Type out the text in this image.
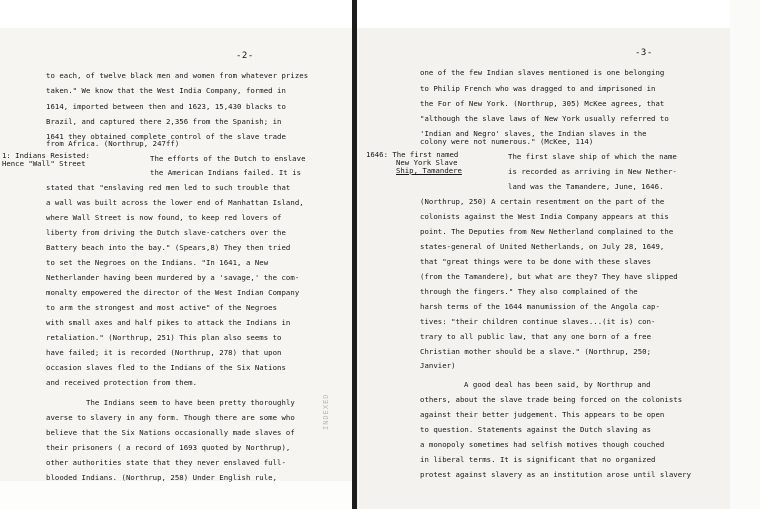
-2-
1: Indians Resisted:
Hence "Wall" Street
to each, of twelve black men and women from whatever prizes
taken." We know that the West India Company, formed in
1614, imported between then and 1623, 15,430 blacks to
Brazil, and captured there 2,356 from the Spanish; in
1641 they obtained complete control of the slave trade
from Africa. (Northrup, 247ff)
The efforts of the Dutch to enslave
the American Indians failed. It is
stated that "enslaving red men led to such trouble that
a wall was built across the lower end of Manhattan Island,
where Wall Street is now found, to keep red lovers of
liberty from driving the Dutch slave-catchers over the
Battery beach into the bay." (Spears,8) They then tried
to set the Negroes on the Indians. "In 1641, a New
Netherlander having been murdered by a 'savage,' the com-
monalty empowered the director of the West Indian Company
to arm the strongest and most active" of the Negroes
with small axes and half pikes to attack the Indians in
retaliation." (Northrup, 251) This plan also seems to
have failed; it is recorded (Northrup, 278) that upon
occasion slaves fled to the Indians of the Six Nations
and received protection from them.
The Indians seem to have been pretty thoroughly
averse to slavery in any form. Though there are some who
believe that the Six Nations occasionally made slaves of
their prisoners ( a record of 1693 quoted by Northrup),
other authorities state that they never enslaved full-
blooded Indians. (Northrup, 258) Under English rule,
INDEXED
-3-
1646: The first named
New York Slave
Ship, Tamandere
one of the few Indian slaves mentioned is one belonging
to Philip French who was dragged to and imprisoned in
the For of New York. (Northrup, 305) McKee agrees, that
"although the slave laws of New York usually referred to
'Indian and Negro' slaves, the Indian slaves in the
colony were not numerous." (McKee, 114)
The first slave ship of which the name
is recorded as arriving in New Nether-
land was the Tamandere, June, 1646.
(Northrup, 250) A certain resentment on the part of the
colonists against the West India Company appears at this
point. The Deputies from New Netherland complained to the
states-general of United Netherlands, on July 28, 1649,
that "great things were to be done with these slaves
(from the Tamandere), but what are they? They have slipped
through the fingers." They also complained of the
harsh terms of the 1644 manumission of the Angola cap-
tives: "their children continue slaves...(it is) con-
trary to all public law, that any one born of a free
Christian mother should be a slave." (Northrup, 250;
Janvier)
A good deal has been said, by Northrup and
others, about the slave trade being forced on the colonists
against their better judgement. This appears to be open
to question. Statements against the Dutch slaving as
a monopoly sometimes had selfish motives though couched
in liberal terms. It is significant that no organized
protest against slavery as an institution arose until slavery
